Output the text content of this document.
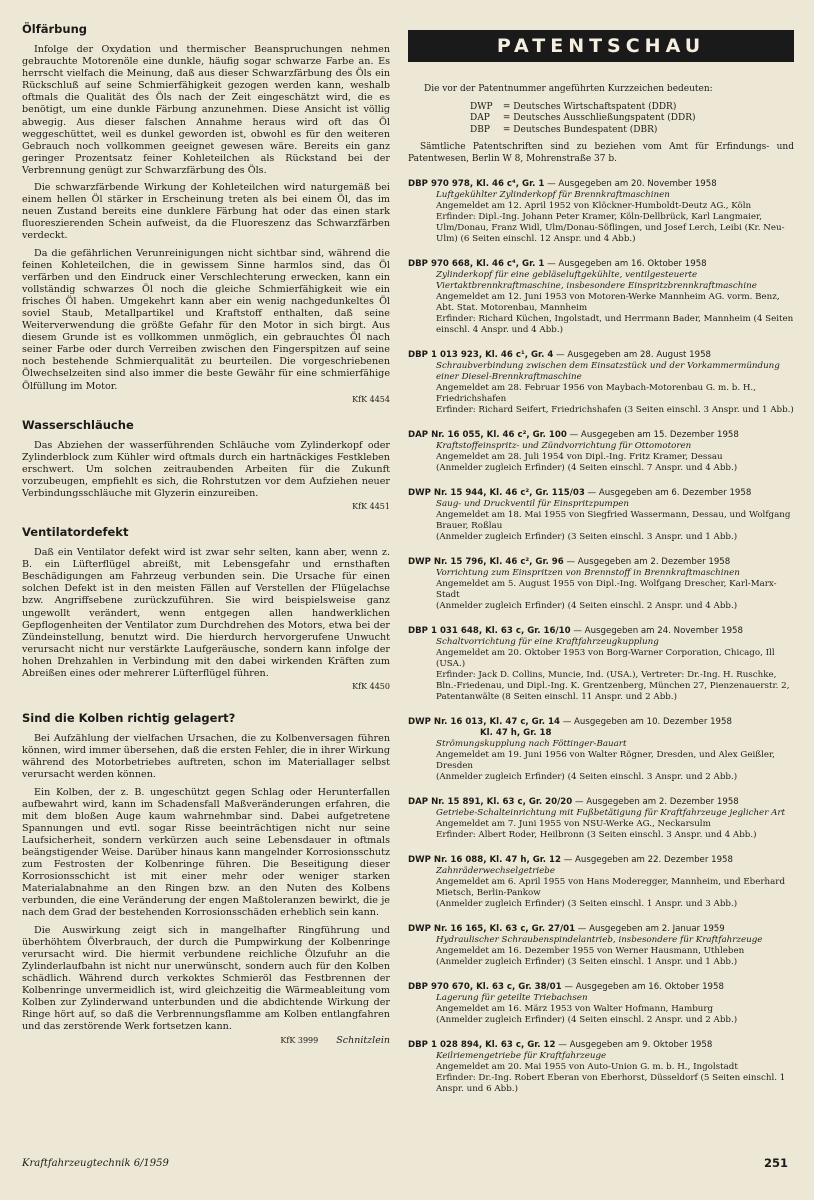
Ölfärbung

Infolge der Oxydation und thermischer Beanspruchungen nehmen gebrauchte Motorenöle eine dunkle, häufig sogar schwarze Farbe an. Es herrscht vielfach die Meinung, daß aus dieser Schwarzfärbung des Öls ein Rückschluß auf seine Schmierfähigkeit gezogen werden kann, weshalb oftmals die Qualität des Öls nach der Zeit eingeschätzt wird, die es benötigt, um eine dunkle Färbung anzunehmen. Diese Ansicht ist völlig abwegig. Aus dieser falschen Annahme heraus wird oft das Öl weggeschüttet, weil es dunkel geworden ist, obwohl es für den weiteren Gebrauch noch vollkommen geeignet gewesen wäre. Bereits ein ganz geringer Prozentsatz feiner Kohleteilchen als Rückstand bei der Verbrennung genügt zur Schwarzfärbung des Öls.

Die schwarzfärbende Wirkung der Kohleteilchen wird naturgemäß bei einem hellen Öl stärker in Erscheinung treten als bei einem Öl, das im neuen Zustand bereits eine dunklere Färbung hat oder das einen stark fluoreszierenden Schein aufweist, da die Fluoreszenz das Schwarzfärben verdeckt.

Da die gefährlichen Verunreinigungen nicht sichtbar sind, während die feinen Kohleteilchen, die in gewissem Sinne harmlos sind, das Öl verfärben und den Eindruck einer Verschlechterung erwecken, kann ein vollständig schwarzes Öl noch die gleiche Schmierfähigkeit wie ein frisches Öl haben. Umgekehrt kann aber ein wenig nachgedunkeltes Öl soviel Staub, Metallpartikel und Kraftstoff enthalten, daß seine Weiterverwendung die größte Gefahr für den Motor in sich birgt. Aus diesem Grunde ist es vollkommen unmöglich, ein gebrauchtes Öl nach seiner Farbe oder durch Verreiben zwischen den Fingerspitzen auf seine noch bestehende Schmierqualität zu beurteilen. Die vorgeschriebenen Ölwechselzeiten sind also immer die beste Gewähr für eine schmierfähige Ölfüllung im Motor.

KfK 4454
Wasserschläuche

Das Abziehen der wasserführenden Schläuche vom Zylinderkopf oder Zylinderblock zum Kühler wird oftmals durch ein hartnäckiges Festkleben erschwert. Um solchen zeitraubenden Arbeiten für die Zukunft vorzubeugen, empfiehlt es sich, die Rohrstutzen vor dem Aufziehen neuer Verbindungsschläuche mit Glyzerin einzureiben.

KfK 4451
Ventilatordefekt

Daß ein Ventilator defekt wird ist zwar sehr selten, kann aber, wenn z. B. ein Lüfterflügel abreißt, mit Lebensgefahr und ernsthaften Beschädigungen am Fahrzeug verbunden sein. Die Ursache für einen solchen Defekt ist in den meisten Fällen auf Verstellen der Flügelachse bzw. Angriffsebene zurückzuführen. Sie wird beispielsweise ganz ungewollt verändert, wenn entgegen allen handwerklichen Gepflogenheiten der Ventilator zum Durchdrehen des Motors, etwa bei der Zündeinstellung, benutzt wird. Die hierdurch hervorgerufene Unwucht verursacht nicht nur verstärkte Laufgeräusche, sondern kann infolge der hohen Drehzahlen in Verbindung mit den dabei wirkenden Kräften zum Abreißen eines oder mehrerer Lüfterflügel führen.

KfK 4450
Sind die Kolben richtig gelagert?

Bei Aufzählung der vielfachen Ursachen, die zu Kolbenversagen führen können, wird immer übersehen, daß die ersten Fehler, die in ihrer Wirkung während des Motorbetriebes auftreten, schon im Materiallager selbst verursacht werden können.

Ein Kolben, der z. B. ungeschützt gegen Schlag oder Herunterfallen aufbewahrt wird, kann im Schadensfall Maßveränderungen erfahren, die mit dem bloßen Auge kaum wahrnehmbar sind. Dabei aufgetretene Spannungen und evtl. sogar Risse beeinträchtigen nicht nur seine Laufsicherheit, sondern verkürzen auch seine Lebensdauer in oftmals beängstigender Weise. Darüber hinaus kann mangelnder Korrosionsschutz zum Festrosten der Kolbenringe führen. Die Beseitigung dieser Korrosionsschicht ist mit einer mehr oder weniger starken Materialabnahme an den Ringen bzw. an den Nuten des Kolbens verbunden, die eine Veränderung der engen Maßtoleranzen bewirkt, die je nach dem Grad der bestehenden Korrosionsschäden erheblich sein kann.

Die Auswirkung zeigt sich in mangelhafter Ringführung und überhöhtem Ölverbrauch, der durch die Pumpwirkung der Kolbenringe verursacht wird. Die hiermit verbundene reichliche Ölzufuhr an die Zylinderlaufbahn ist nicht nur unerwünscht, sondern auch für den Kolben schädlich. Während durch verkoktes Schmieröl das Festbrennen der Kolbenringe unvermeidlich ist, wird gleichzeitig die Wärmeableitung vom Kolben zur Zylinderwand unterbunden und die abdichtende Wirkung der Ringe hört auf, so daß die Verbrennungsflamme am Kolben entlangfahren und das zerstörende Werk fortsetzen kann.

KfK 3999 Schnitzlein
PATENTSCHAU
Die vor der Patentnummer angeführten Kurzzeichen bedeuten:
DWP = Deutsches Wirtschaftspatent (DDR)
DAP = Deutsches Ausschließungspatent (DDR)
DBP = Deutsches Bundespatent (DBR)
Sämtliche Patentschriften sind zu beziehen vom Amt für Erfindungs- und Patentwesen, Berlin W 8, Mohrenstraße 37 b.
DBP 970 978, Kl. 46 c⁴, Gr. 1 — Ausgegeben am 20. November 1958
Luftgekühlter Zylinderkopf für Brennkraftmaschinen
Angemeldet am 12. April 1952 von Klöckner-Humboldt-Deutz AG., Köln
Erfinder: Dipl.-Ing. Johann Peter Kramer, Köln-Dellbrück, Karl Langmaier, Ulm/Donau, Franz Widl, Ulm/Donau-Söflingen, und Josef Lerch, Leibi (Kr. Neu-Ulm) (6 Seiten einschl. 12 Anspr. und 4 Abb.)
DBP 970 668, Kl. 46 c⁴, Gr. 1 — Ausgegeben am 16. Oktober 1958
Zylinderkopf für eine gebläseluftgekühlte, ventilgesteuerte Viertaktbrennkraftmaschine, insbesondere Einspritzbrennkraftmaschine
Angemeldet am 12. Juni 1953 von Motoren-Werke Mannheim AG. vorm. Benz, Abt. Stat. Motorenbau, Mannheim
Erfinder: Richard Küchen, Ingolstadt, und Herrmann Bader, Mannheim (4 Seiten einschl. 4 Anspr. und 4 Abb.)
DBP 1 013 923, Kl. 46 c¹, Gr. 4 — Ausgegeben am 28. August 1958
Schraubverbindung zwischen dem Einsatzstück und der Vorkammermündung einer Diesel-Brennkraftmaschine
Angemeldet am 28. Februar 1956 von Maybach-Motorenbau G. m. b. H., Friedrichshafen
Erfinder: Richard Seifert, Friedrichshafen (3 Seiten einschl. 3 Anspr. und 1 Abb.)
DAP Nr. 16 055, Kl. 46 c², Gr. 100 — Ausgegeben am 15. Dezember 1958
Kraftstoffeinspritz- und Zündvorrichtung für Ottomotoren
Angemeldet am 28. Juli 1954 von Dipl.-Ing. Fritz Kramer, Dessau
(Anmelder zugleich Erfinder) (4 Seiten einschl. 7 Anspr. und 4 Abb.)
DWP Nr. 15 944, Kl. 46 c², Gr. 115/03 — Ausgegeben am 6. Dezember 1958
Saug- und Druckventil für Einspritzpumpen
Angemeldet am 18. Mai 1955 von Siegfried Wassermann, Dessau, und Wolfgang Brauer, Roßlau
(Anmelder zugleich Erfinder) (3 Seiten einschl. 3 Anspr. und 1 Abb.)
DWP Nr. 15 796, Kl. 46 c², Gr. 96 — Ausgegeben am 2. Dezember 1958
Vorrichtung zum Einspritzen von Brennstoff in Brennkraftmaschinen
Angemeldet am 5. August 1955 von Dipl.-Ing. Wolfgang Drescher, Karl-Marx-Stadt
(Anmelder zugleich Erfinder) (4 Seiten einschl. 2 Anspr. und 4 Abb.)
DBP 1 031 648, Kl. 63 c, Gr. 16/10 — Ausgegeben am 24. November 1958
Schaltvorrichtung für eine Kraftfahrzeugkupplung
Angemeldet am 20. Oktober 1953 von Borg-Warner Corporation, Chicago, Ill (USA.)
Erfinder: Jack D. Collins, Muncie, Ind. (USA.), Vertreter: Dr.-Ing. H. Ruschke, Bln.-Friedenau, und Dipl.-Ing. K. Grentzenberg, München 27, Pienzenauerstr. 2, Patentanwälte (8 Seiten einschl. 11 Anspr. und 2 Abb.)
DWP Nr. 16 013, Kl. 47 c, Gr. 14 — Ausgegeben am 10. Dezember 1958
Kl. 47 h, Gr. 18
Strömungskupplung nach Föttinger-Bauart
Angemeldet am 19. Juni 1956 von Walter Rögner, Dresden, und Alex Geißler, Dresden
(Anmelder zugleich Erfinder) (4 Seiten einschl. 3 Anspr. und 2 Abb.)
DAP Nr. 15 891, Kl. 63 c, Gr. 20/20 — Ausgegeben am 2. Dezember 1958
Getriebe-Schalteinrichtung mit Fußbetätigung für Kraftfahrzeuge jeglicher Art
Angemeldet am 7. Juni 1955 von NSU-Werke AG., Neckarsulm
Erfinder: Albert Roder, Heilbronn (3 Seiten einschl. 3 Anspr. und 4 Abb.)
DWP Nr. 16 088, Kl. 47 h, Gr. 12 — Ausgegeben am 22. Dezember 1958
Zahnräderwechselgetriebe
Angemeldet am 6. April 1955 von Hans Moderegger, Mannheim, und Eberhard Mietsch, Berlin-Pankow
(Anmelder zugleich Erfinder) (3 Seiten einschl. 1 Anspr. und 3 Abb.)
DWP Nr. 16 165, Kl. 63 c, Gr. 27/01 — Ausgegeben am 2. Januar 1959
Hydraulischer Schraubenspindelantrieb, insbesondere für Kraftfahrzeuge
Angemeldet am 16. Dezember 1955 von Werner Hausmann, Uthleben
(Anmelder zugleich Erfinder) (3 Seiten einschl. 1 Anspr. und 1 Abb.)
DBP 970 670, Kl. 63 c, Gr. 38/01 — Ausgegeben am 16. Oktober 1958
Lagerung für geteilte Triebachsen
Angemeldet am 16. März 1953 von Walter Hofmann, Hamburg
(Anmelder zugleich Erfinder) (4 Seiten einschl. 2 Anspr. und 2 Abb.)
DBP 1 028 894, Kl. 63 c, Gr. 12 — Ausgegeben am 9. Oktober 1958
Keilriemengetriebe für Kraftfahrzeuge
Angemeldet am 20. Mai 1955 von Auto-Union G. m. b. H., Ingolstadt
Erfinder: Dr.-Ing. Robert Eberan von Eberhorst, Düsseldorf (5 Seiten einschl. 1 Anspr. und 6 Abb.)
Kraftfahrzeugtechnik 6/1959	251
